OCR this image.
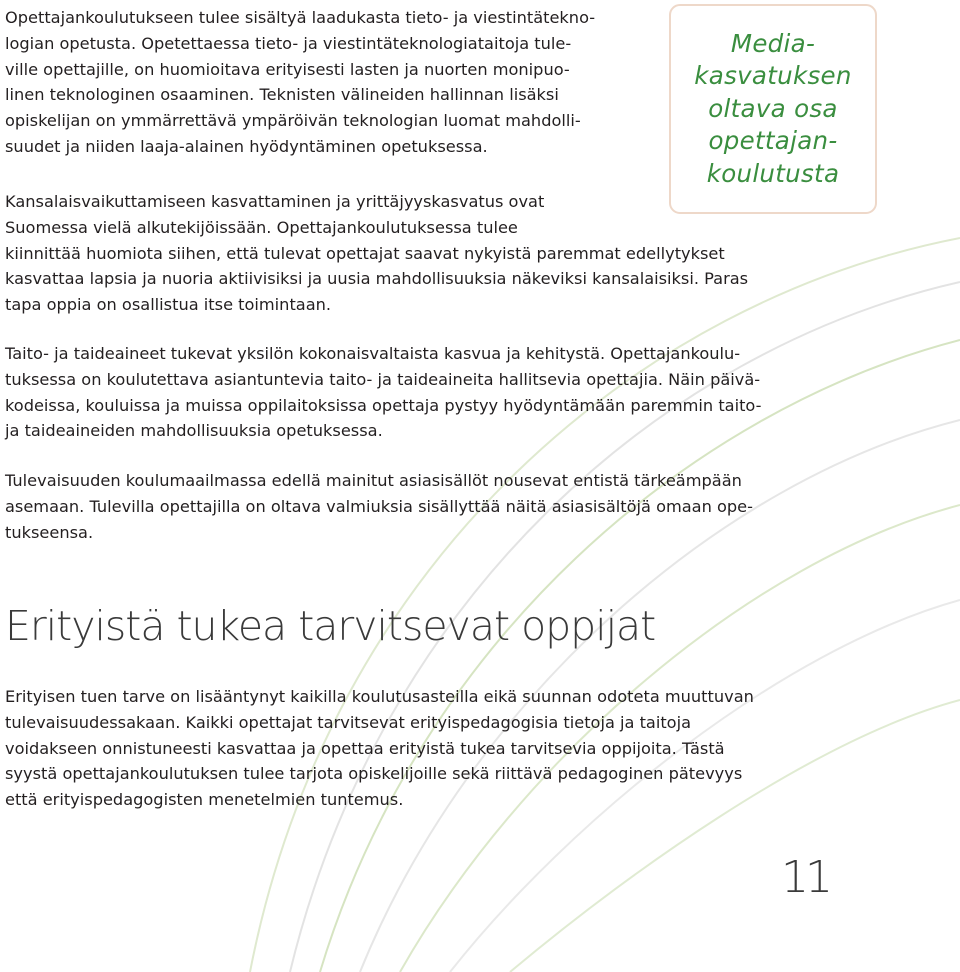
Opettajankoulutukseen tulee sisältyä laadukasta tieto- ja viestintätekno-
logian opetusta. Opetettaessa tieto- ja viestintäteknologiataitoja tule-
ville opettajille, on huomioitava erityisesti lasten ja nuorten monipuo-
linen teknologinen osaaminen. Teknisten välineiden hallinnan lisäksi
opiskelijan on ymmärrettävä ympäröivän teknologian luomat mahdolli-
suudet ja niiden laaja-alainen hyödyntäminen opetuksessa.

Media-
kasvatuksen
oltava osa
opettajan-
koulutusta

Kansalaisvaikuttamiseen kasvattaminen ja yrittäjyyskasvatus ovat
Suomessa vielä alkutekijöissään. Opettajankoulutuksessa tulee
kiinnittää huomiota siihen, että tulevat opettajat saavat nykyistä paremmat edellytykset
kasvattaa lapsia ja nuoria aktiivisiksi ja uusia mahdollisuuksia näkeviksi kansalaisiksi. Paras
tapa oppia on osallistua itse toimintaan.
Taito- ja taideaineet tukevat yksilön kokonaisvaltaista kasvua ja kehitystä. Opettajankoulu-
tuksessa on koulutettava asiantuntevia taito- ja taideaineita hallitsevia opettajia. Näin päivä-
kodeissa, kouluissa ja muissa oppilaitoksissa opettaja pystyy hyödyntämään paremmin taito-
ja taideaineiden mahdollisuuksia opetuksessa.
Tulevaisuuden koulumaailmassa edellä mainitut asiasisällöt nousevat entistä tärkeämpään
asemaan. Tulevilla opettajilla on oltava valmiuksia sisällyttää näitä asiasisältöjä omaan ope-
tukseensa.
Erityistä tukea tarvitsevat oppijat
Erityisen tuen tarve on lisääntynyt kaikilla koulutusasteilla eikä suunnan odoteta muuttuvan
tulevaisuudessakaan. Kaikki opettajat tarvitsevat erityispedagogisia tietoja ja taitoja
voidakseen onnistuneesti kasvattaa ja opettaa erityistä tukea tarvitsevia oppijoita. Tästä
syystä opettajankoulutuksen tulee tarjota opiskelijoille sekä riittävä pedagoginen pätevyys
että erityispedagogisten menetelmien tuntemus.
11
